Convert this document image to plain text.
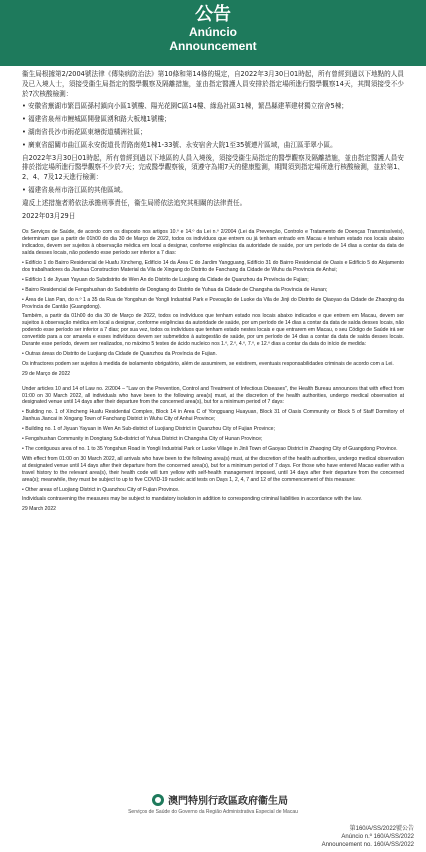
公告
Anúncio
Announcement

衞生局根據第2/2004號法律《傳染病防治法》第10條和第14條的規定，自2022年3月30日01時起，所有曾經到過以下地點的人員及已入境人士，須接受衞生局指定的醫學觀察及隔離措施，並由指定醫護人員安排於指定場所進行醫學觀察14天，其間須接受不少於7次核酸檢測：

• 安徽省蕪湖市繁昌區孫村鎮向小區1號樓、陽光花園C區14樓、綠島社區31棟，繁昌縣建華建材獨立宿舍5棟；
• 福建省泉州市鯉城區開發區湧和路大板塊1號樓；
• 湖南省長沙市雨花區東塘街道橘洲社區；
• 廣東省韶關市曲江區永安街道長青路南苑1棟1-33號、永安宿舍大院1至35號連片區域，曲江區菲翠小區。

自2022年3月30日01時起，所有曾經到過以下地區的人員入境後，須接受衞生局指定的醫學觀察及隔離措施，並由指定醫護人員安排於指定場所進行醫學觀察不少於7天；完成醫學觀察後，須遵守為期7天的健康監測，期間須到指定場所進行核酸檢測，並於第1、2、4、7及12天進行檢測：

• 福建省泉州市洛江區的其他區域。

違反上述措施者將依法承擔刑事責任，衞生局將依法追究其相關的法律責任。

2022年03月29日

Os Serviços de Saúde, de acordo com os disposto nos artigos 10.º e 14.º da Lei n.º 2/2004 (Lei da Prevenção, Controlo e Tratamento de Doenças Transmissíveis), determinam que a partir de 01h00 do dia 30 de Março de 2022, todos os indivíduos que entrem ou já tenham entrado em Macau e tenham estado nos locais abaixo indicados, devem ser sujeitos à observação médica em local a designar, conforme exigências da autoridade de saúde, por um período de 14 dias a contar da data de saída desses locais, não podendo esse período ser inferior a 7 dias:

• Edifício 1 do Bairro Residencial de Huafu Xincheng, Edifício 14 da Área C do Jardim Yangguang, Edifício 31 do Bairro Residencial de Oasis e Edifício 5 do Alojamento dos trabalhadores da Jianhua Construction Material da Vila de Xingang do Distrito de Fanchang da Cidade de Wuhu da Província de Anhui;
• Edifício 1 de Jiyuan Yayuan do Subdistrito de Wen An do Distrito de Luojiang da Cidade de Quanzhou da Província de Fujian;
• Bairro Residencial de Fengshushan do Subdistrito de Dongtang do Distrito de Yuhua da Cidade de Changsha da Província de Hunan;
• Área de Lian Pan, do n.º 1 a 35 da Rua de Yongshun de Yongli Industrial Park e Povoação de Luoke da Vila de Jinji do Distrito de Qiaoyao da Cidade de Zhaoqing da Província de Cantão (Guangdong).

Também, a partir da 01h00 do dia 30 de Março de 2022, todos os indivíduos que tenham estado nos locais abaixo indicados e que entrem em Macau, devem ser sujeitos à observação médica em local a designar, conforme exigências da autoridade de saúde, por um período de 14 dias a contar da data de saída desses locais, não podendo esse período ser inferior a 7 dias; por sua vez, todos os indivíduos que tenham estado nestes locais e que entrarem em Macau, o seu Código de Saúde irá ser convertido para a cor amarela e esses indivíduos devem ser submetidos à autogestão de saúde, por um período de 14 dias a contar da data de saída desses locais. Durante esse período, devem ser realizados, no máximo 5 testes de ácido nucleico nos 1.º, 2.º, 4.º, 7.º, e 12.º dias a contar da data do início de medida:

• Outras áreas do Distrito de Luojiang da Cidade de Quanzhou da Província de Fujian.

Os infractores podem ser sujeitos à medida de isolamento obrigatório, além de assumirem, se existirem, eventuais responsabilidades criminais de acordo com a Lei.

29 de Março de 2022

Under articles 10 and 14 of Law no. 2/2004 – "Law on the Prevention, Control and Treatment of Infectious Diseases", the Health Bureau announces that with effect from 01:00 on 30 March 2022, all individuals who have been to the following area(s) must, at the discretion of the health authorities, undergo medical observation at designated venue until 14 days after their departure from the concerned area(s), but for a minimum period of 7 days:

• Building no. 1 of Xincheng Huafu Residential Complex, Block 14 in Area C of Yongguang Huayuan, Block 31 of Oasis Community or Block 5 of Staff Dormitory of Jianhua Jiancai in Xingang Town of Fanchang District in Wuhu City of Anhui Province;
• Building no. 1 of Jiyuan Yayuan in Wen An Sub-district of Luojiang District in Quanzhou City of Fujian Province;
• Fengshushan Community in Dongtang Sub-district of Yuhua District in Changsha City of Hunan Province;
• The contiguous area of no. 1 to 35 Yongshun Road in Yongli Industrial Park or Luoke Village in Jinli Town of Gaoyao District in Zhaoqing City of Guangdong Province.

With effect from 01:00 on 30 March 2022, all arrivals who have been to the following area(s) must, at the discretion of the health authorities, undergo medical observation at designated venue until 14 days after their departure from the concerned area(s), but for a minimum period of 7 days. For those who have entered Macao earlier with a travel history to the relevant area(s), their health code will turn yellow with self-health management imposed, until 14 days after their departure from the concerned area(s); meanwhile, they must be subject to up to five COVID-19 nucleic acid tests on Days 1, 2, 4, 7 and 12 of the commencement of this measure:

• Other areas of Luojiang District in Quanzhou City of Fujian Province.

Individuals contravening the measures may be subject to mandatory isolation in addition to corresponding criminal liabilities in accordance with the law.

29 March 2022

澳門特別行政區政府衞生局
Serviços de Saúde do Governo da Região Administrativa Especial de Macau
第160/A/SS/2022號公告
Anúncio n.º 160/A/SS/2022
Announcement no. 160/A/SS/2022
